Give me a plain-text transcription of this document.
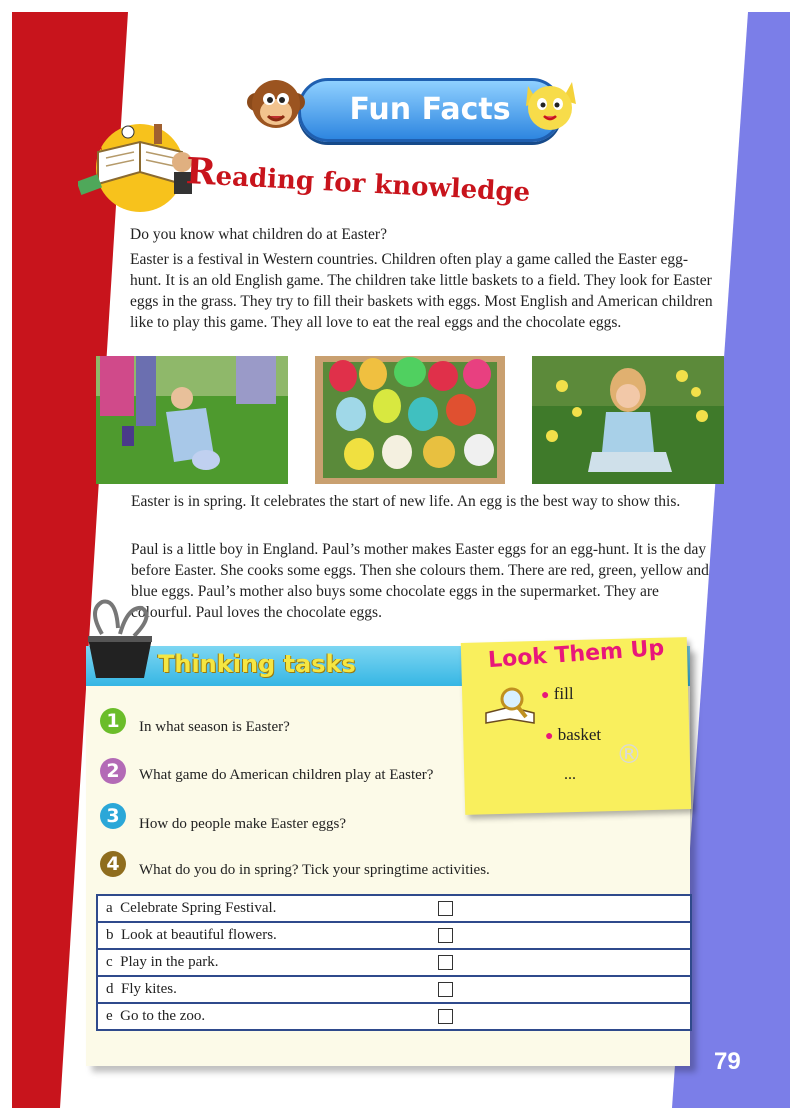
79
Fun Facts
Reading for knowledge

Do you know what children do at Easter?

Easter is a festival in Western countries. Children often play a game called the Easter egg-hunt. It is an old English game. The children take little baskets to a field. They look for Easter eggs in the grass. They try to fill their baskets with eggs. Most English and American children like to play this game. They all love to eat the real eggs and the chocolate eggs.

Easter is in spring. It celebrates the start of new life. An egg is the best way to show this.

Paul is a little boy in England. Paul’s mother makes Easter eggs for an egg-hunt. It is the day before Easter. She cooks some eggs. Then she colours them. There are red, green, yellow and blue eggs. Paul’s mother also buys some chocolate eggs in the supermarket. They are colourful. Paul loves the chocolate eggs.

Thinking tasks	Look Them Up
● fill
● basket
...
®
1	In what season is Easter?
2	What game do American children play at Easter?
3	How do people make Easter eggs?
4	What do you do in spring? Tick your springtime activities.
a Celebrate Spring Festival.	
b Look at beautiful flowers.	
c Play in the park.	
d Fly kites.	
e Go to the zoo.	
